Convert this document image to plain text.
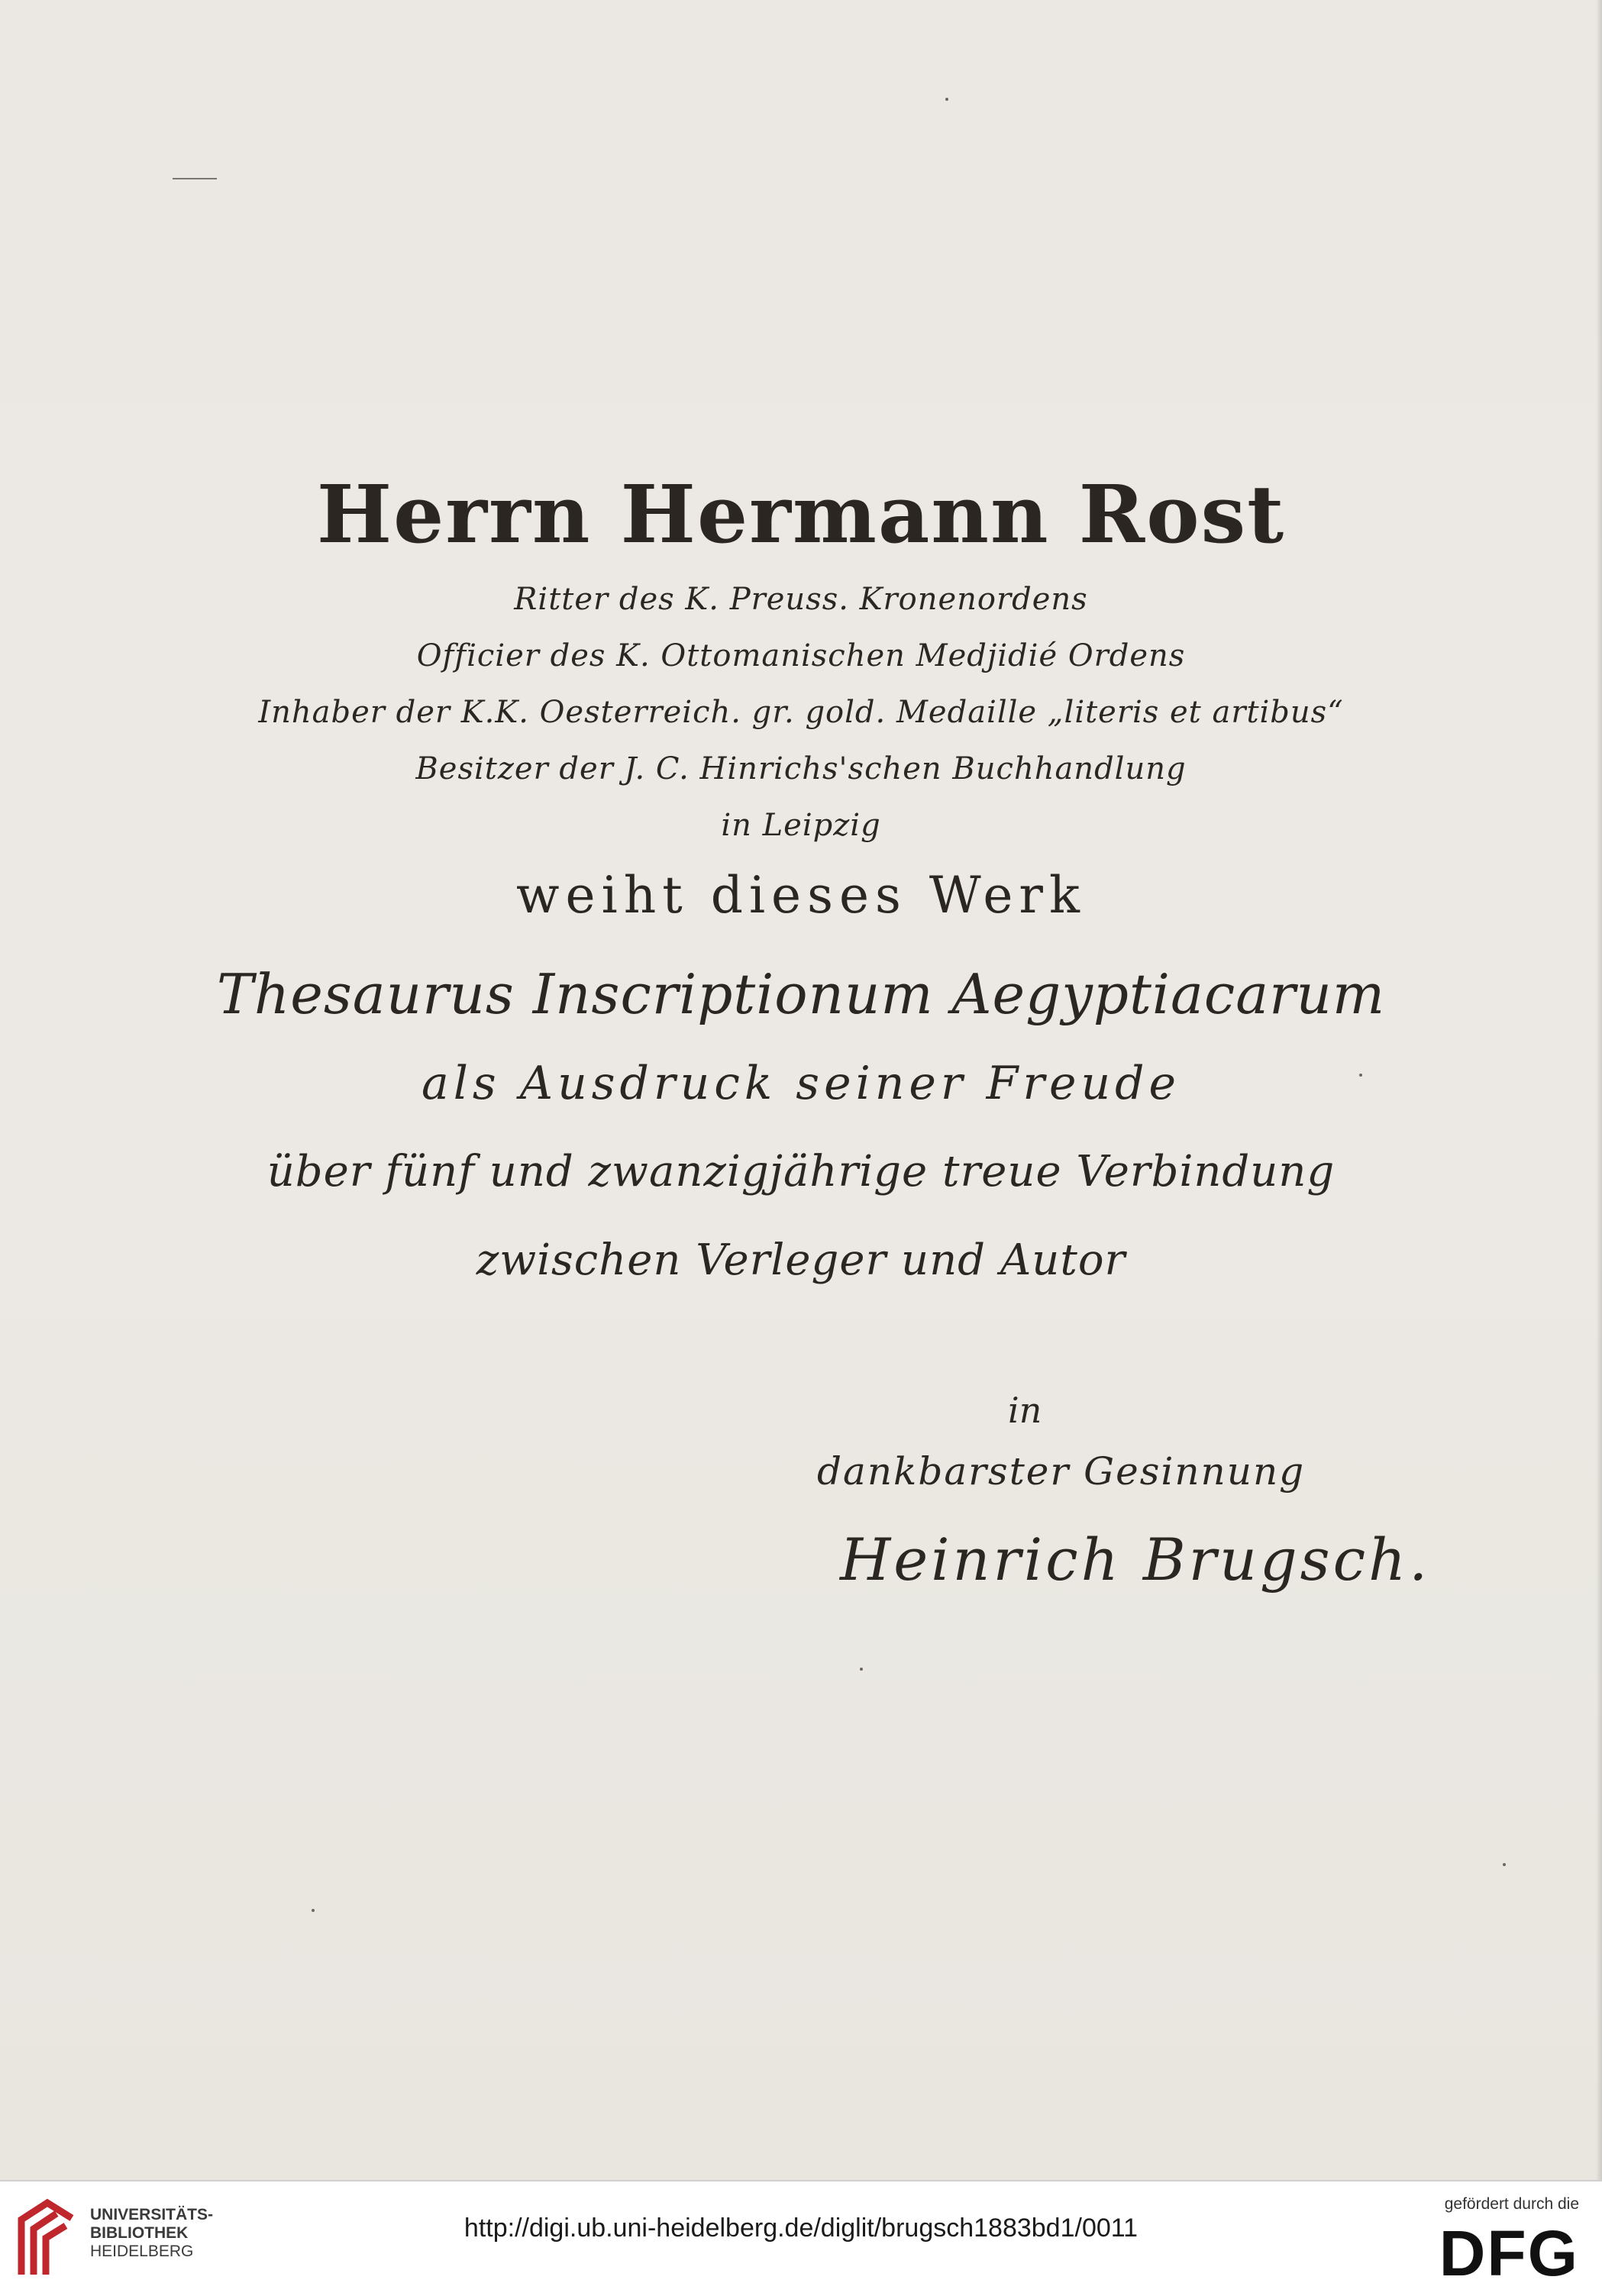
Herrn Hermann Rost
Ritter des K. Preuss. Kronenordens
Officier des K. Ottomanischen Medjidié Ordens
Inhaber der K.K. Oesterreich. gr. gold. Medaille „literis et artibus“
Besitzer der J. C. Hinrichs'schen Buchhandlung
in Leipzig
weiht dieses Werk
Thesaurus Inscriptionum Aegyptiacarum
als Ausdruck seiner Freude
über fünf und zwanzigjährige treue Verbindung
zwischen Verleger und Autor
in
dankbarster Gesinnung
Heinrich Brugsch.
UNIVERSITÄTS-
BIBLIOTHEK
HEIDELBERG
http://digi.ub.uni-heidelberg.de/diglit/brugsch1883bd1/0011
gefördert durch die
DFG
